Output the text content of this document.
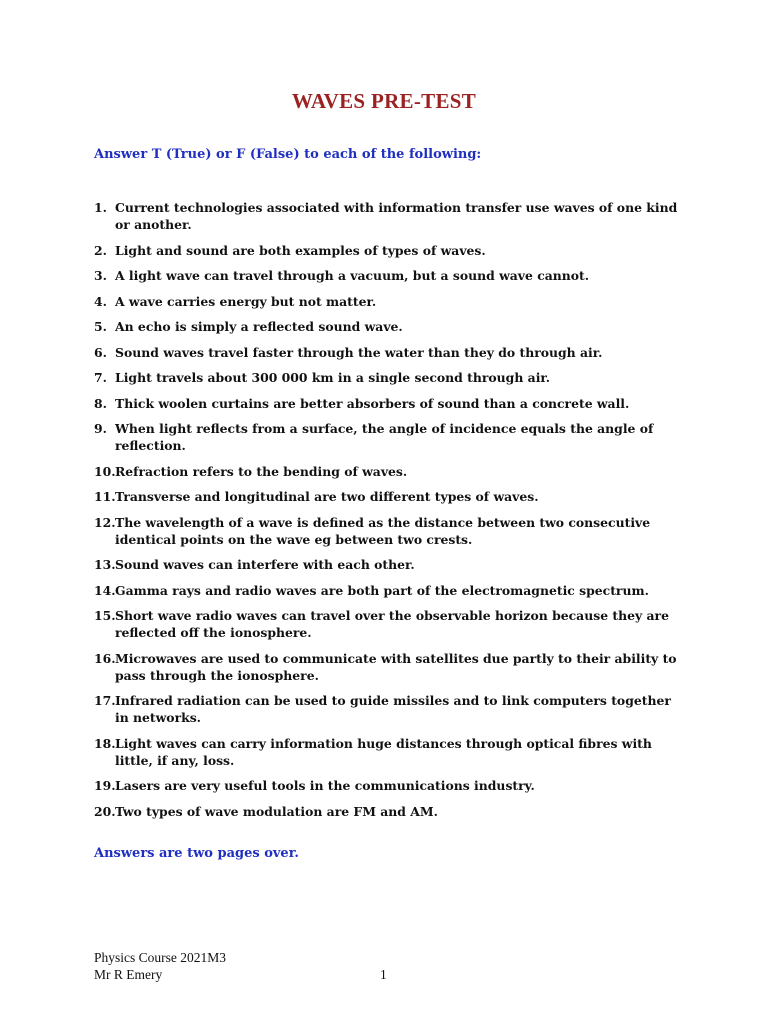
WAVES PRE-TEST
Answer T (True) or F (False) to each of the following:
1. Current technologies associated with information transfer use waves of one kind or another.
2. Light and sound are both examples of types of waves.
3. A light wave can travel through a vacuum, but a sound wave cannot.
4. A wave carries energy but not matter.
5. An echo is simply a reflected sound wave.
6. Sound waves travel faster through the water than they do through air.
7. Light travels about 300 000 km in a single second through air.
8. Thick woolen curtains are better absorbers of sound than a concrete wall.
9. When light reflects from a surface, the angle of incidence equals the angle of reflection.
10. Refraction refers to the bending of waves.
11. Transverse and longitudinal are two different types of waves.
12. The wavelength of a wave is defined as the distance between two consecutive identical points on the wave eg between two crests.
13. Sound waves can interfere with each other.
14. Gamma rays and radio waves are both part of the electromagnetic spectrum.
15. Short wave radio waves can travel over the observable horizon because they are reflected off the ionosphere.
16. Microwaves are used to communicate with satellites due partly to their ability to pass through the ionosphere.
17. Infrared radiation can be used to guide missiles and to link computers together in networks.
18. Light waves can carry information huge distances through optical fibres with little, if any, loss.
19. Lasers are very useful tools in the communications industry.
20. Two types of wave modulation are FM and AM.
Answers are two pages over.
Physics Course 2021M3
Mr R Emery	1
